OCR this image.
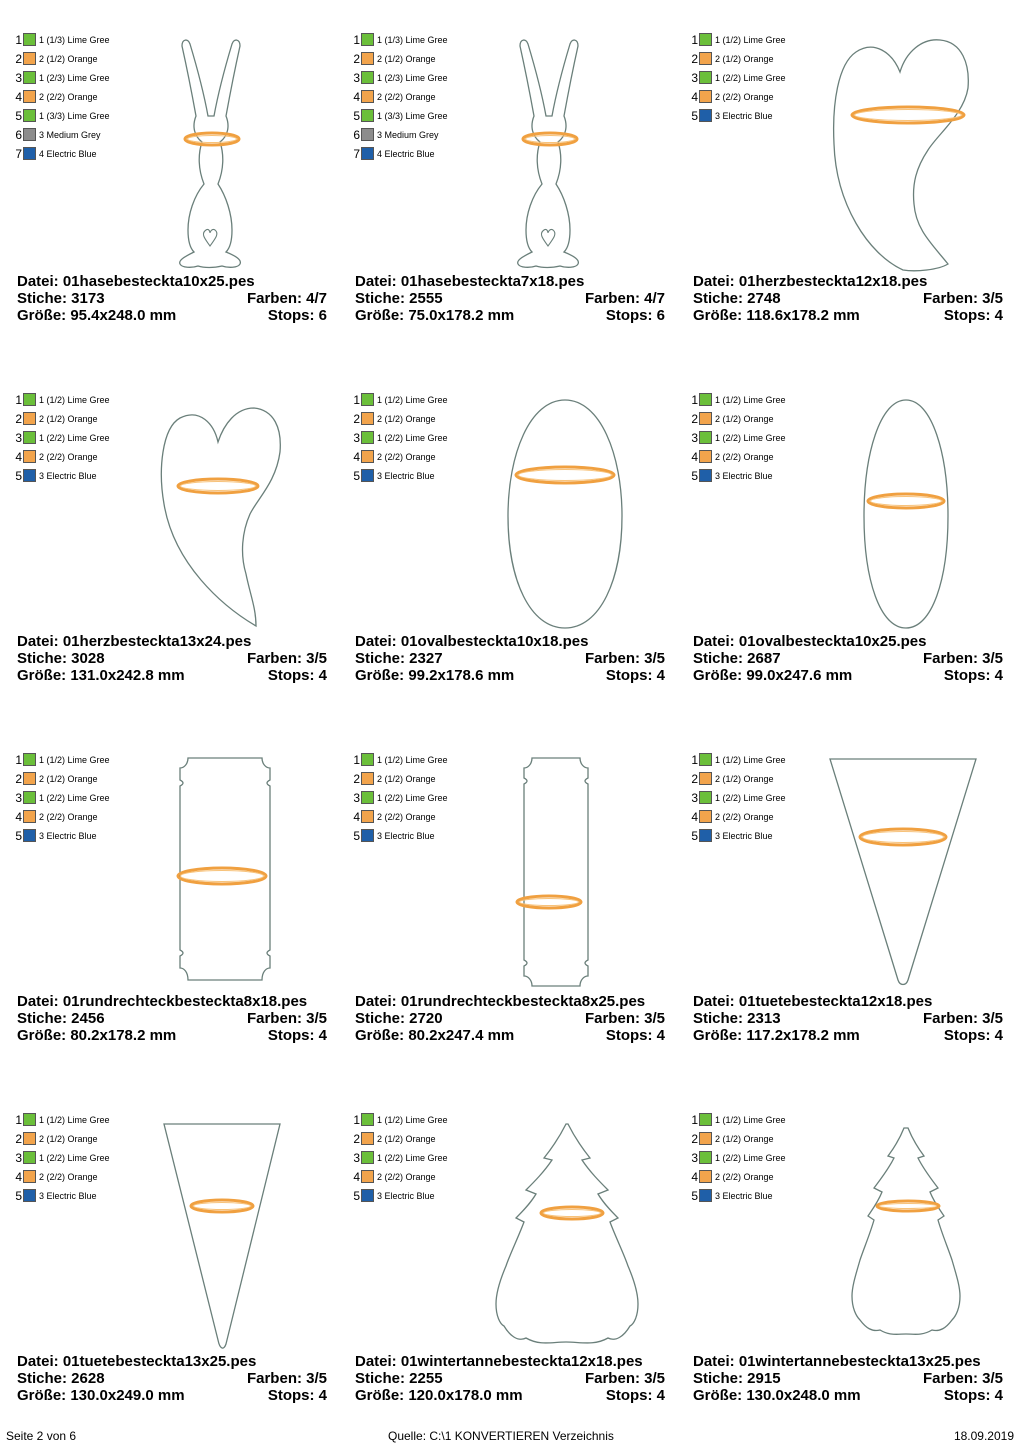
1 1 (1/3) Lime Gree
2 2 (1/2) Orange
3 1 (2/3) Lime Gree
4 2 (2/2) Orange
5 1 (3/3) Lime Gree
6 3 Medium Grey
7 4 Electric Blue
Datei: 01hasebesteckta10x25.pes
Stiche: 3173	Farben: 4/7
Größe: 95.4x248.0 mm	Stops: 6
1 1 (1/3) Lime Gree
2 2 (1/2) Orange
3 1 (2/3) Lime Gree
4 2 (2/2) Orange
5 1 (3/3) Lime Gree
6 3 Medium Grey
7 4 Electric Blue
Datei: 01hasebesteckta7x18.pes
Stiche: 2555	Farben: 4/7
Größe: 75.0x178.2 mm	Stops: 6
1 1 (1/2) Lime Gree
2 2 (1/2) Orange
3 1 (2/2) Lime Gree
4 2 (2/2) Orange
5 3 Electric Blue
Datei: 01herzbesteckta12x18.pes
Stiche: 2748	Farben: 3/5
Größe: 118.6x178.2 mm	Stops: 4
1 1 (1/2) Lime Gree
2 2 (1/2) Orange
3 1 (2/2) Lime Gree
4 2 (2/2) Orange
5 3 Electric Blue
Datei: 01herzbesteckta13x24.pes
Stiche: 3028	Farben: 3/5
Größe: 131.0x242.8 mm	Stops: 4
1 1 (1/2) Lime Gree
2 2 (1/2) Orange
3 1 (2/2) Lime Gree
4 2 (2/2) Orange
5 3 Electric Blue
Datei: 01ovalbesteckta10x18.pes
Stiche: 2327	Farben: 3/5
Größe: 99.2x178.6 mm	Stops: 4
1 1 (1/2) Lime Gree
2 2 (1/2) Orange
3 1 (2/2) Lime Gree
4 2 (2/2) Orange
5 3 Electric Blue
Datei: 01ovalbesteckta10x25.pes
Stiche: 2687	Farben: 3/5
Größe: 99.0x247.6 mm	Stops: 4
1 1 (1/2) Lime Gree
2 2 (1/2) Orange
3 1 (2/2) Lime Gree
4 2 (2/2) Orange
5 3 Electric Blue
Datei: 01rundrechteckbesteckta8x18.pes
Stiche: 2456	Farben: 3/5
Größe: 80.2x178.2 mm	Stops: 4
1 1 (1/2) Lime Gree
2 2 (1/2) Orange
3 1 (2/2) Lime Gree
4 2 (2/2) Orange
5 3 Electric Blue
Datei: 01rundrechteckbesteckta8x25.pes
Stiche: 2720	Farben: 3/5
Größe: 80.2x247.4 mm	Stops: 4
1 1 (1/2) Lime Gree
2 2 (1/2) Orange
3 1 (2/2) Lime Gree
4 2 (2/2) Orange
5 3 Electric Blue
Datei: 01tuetebesteckta12x18.pes
Stiche: 2313	Farben: 3/5
Größe: 117.2x178.2 mm	Stops: 4
1 1 (1/2) Lime Gree
2 2 (1/2) Orange
3 1 (2/2) Lime Gree
4 2 (2/2) Orange
5 3 Electric Blue
Datei: 01tuetebesteckta13x25.pes
Stiche: 2628	Farben: 3/5
Größe: 130.0x249.0 mm	Stops: 4
1 1 (1/2) Lime Gree
2 2 (1/2) Orange
3 1 (2/2) Lime Gree
4 2 (2/2) Orange
5 3 Electric Blue
Datei: 01wintertannebesteckta12x18.pes
Stiche: 2255	Farben: 3/5
Größe: 120.0x178.0 mm	Stops: 4
1 1 (1/2) Lime Gree
2 2 (1/2) Orange
3 1 (2/2) Lime Gree
4 2 (2/2) Orange
5 3 Electric Blue
Datei: 01wintertannebesteckta13x25.pes
Stiche: 2915	Farben: 3/5
Größe: 130.0x248.0 mm	Stops: 4
Seite 2 von 6	Quelle: C:\1 KONVERTIEREN Verzeichnis	18.09.2019
